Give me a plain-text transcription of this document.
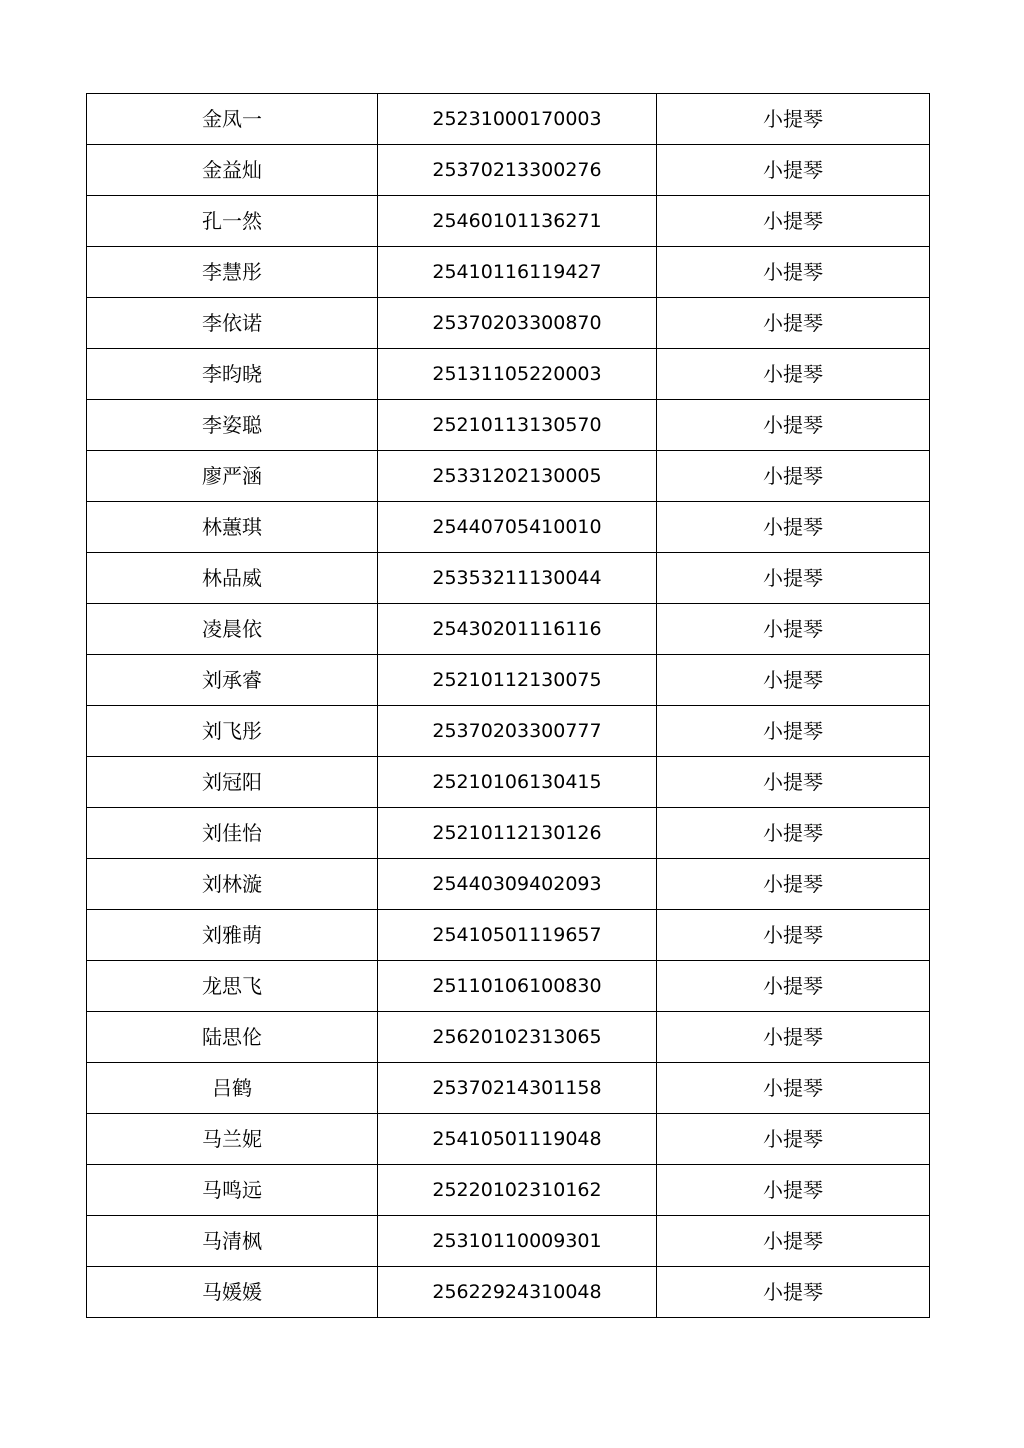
金凤一	25231000170003	小提琴
金益灿	25370213300276	小提琴
孔一然	25460101136271	小提琴
李慧彤	25410116119427	小提琴
李依诺	25370203300870	小提琴
李昀晓	25131105220003	小提琴
李姿聪	25210113130570	小提琴
廖严涵	25331202130005	小提琴
林蕙琪	25440705410010	小提琴
林品威	25353211130044	小提琴
凌晨依	25430201116116	小提琴
刘承睿	25210112130075	小提琴
刘飞彤	25370203300777	小提琴
刘冠阳	25210106130415	小提琴
刘佳怡	25210112130126	小提琴
刘林漩	25440309402093	小提琴
刘雅萌	25410501119657	小提琴
龙思飞	25110106100830	小提琴
陆思伦	25620102313065	小提琴
吕鹤	25370214301158	小提琴
马兰妮	25410501119048	小提琴
马鸣远	25220102310162	小提琴
马清枫	25310110009301	小提琴
马媛媛	25622924310048	小提琴
